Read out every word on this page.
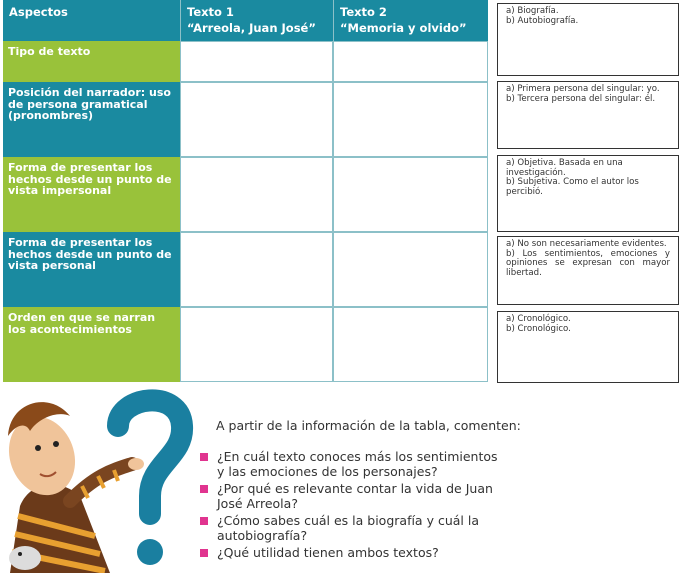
Aspectos	Texto 1
“Arreola, Juan José”
Texto 2
“Memoria y olvido”
Tipo de texto
Posición del narrador: uso de persona gramatical (pronombres)
Forma de presentar los hechos desde un punto de vista impersonal
Forma de presentar los hechos desde un punto de vista personal
Orden en que se narran los acontecimientos

a) Biografía.

b) Autobiografía.

a) Primera persona del singular: yo.

b) Tercera persona del singular: él.

a) Objetiva. Basada en una investigación.

b) Subjetiva. Como el autor los percibió.

a) No son necesariamente evidentes.

b) Los sentimientos, emociones y opiniones se expresan con mayor libertad.

a) Cronológico.

b) Cronológico.

A partir de la información de la tabla, comenten:
¿En cuál texto conoces más los sentimientos y las emociones de los personajes?
¿Por qué es relevante contar la vida de Juan José Arreola?
¿Cómo sabes cuál es la biografía y cuál la autobiografía?
¿Qué utilidad tienen ambos textos?
